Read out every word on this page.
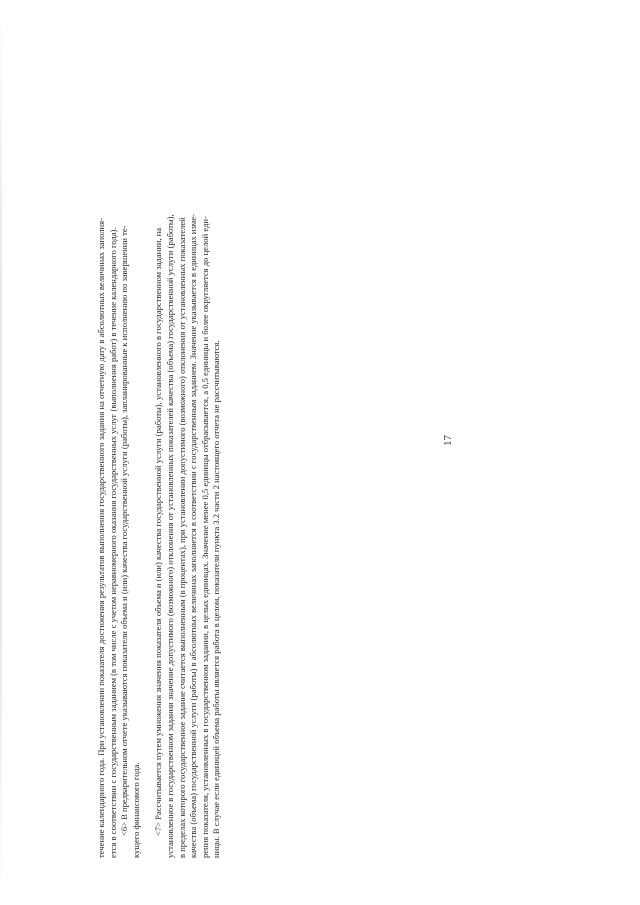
течение календарного года. При установлении показателя достижения результатов выполнения государственного задания на отчетную дату в абсолютных величинах заполня- ется в соответствии с государственным заданием (в том числе с учетом неравномерного оказания государственных услуг (выполнения работ) в течение календарного года). <6> В предварительном отчете указываются показатели объема и (или) качества государственной услуги (работы), запланированные к исполнению по завершении те- кущего финансового года. <7> Рассчитывается путем умножения значения показателя объема и (или) качества государственной услуги (работы), установленного в государственном задании, на установленное в государственном задании значение допустимого (возможного) отклонения от установленных показателей качества (объема) государственной услуги (работы), в пределах которого государственное задание считается выполненным (в процентах), при установлении допустимого (возможного) отклонения от установленных показателей качества (объема) государственной услуги (работы) в абсолютных величинах заполняется в соответствии с государственным заданием. Значение указывается в единицах изме- рения показателя, установленных в государственном задании, в целых единицах. Значение менее 0,5 единицы отбрасывается, а 0,5 единицы и более округляется до целой еди- ницы. В случае если единицей объема работы является работа в целом, показатели пункта 3.2 части 2 настоящего отчета не рассчитываются.	17
